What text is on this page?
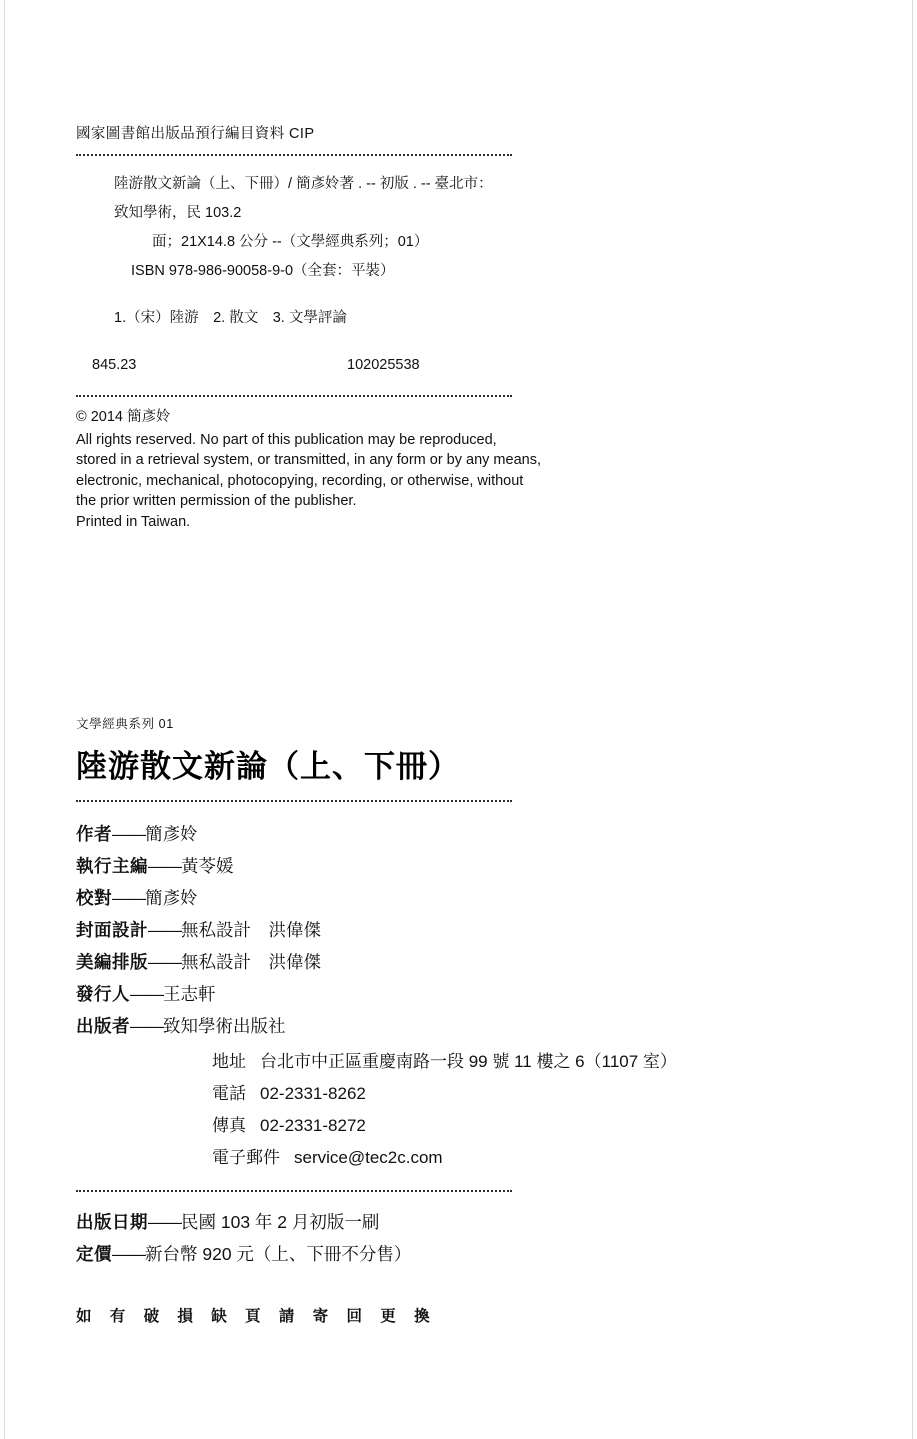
國家圖書館出版品預行編目資料 CIP
陸游散文新論（上、下冊）/ 簡彥姈著 . -- 初版 . -- 臺北市：
致知學術，民 103.2
面；21X14.8 公分 --（文學經典系列；01）
ISBN 978-986-90058-9-0（全套：平裝）
1.（宋）陸游　2. 散文　3. 文學評論
845.23	102025538
© 2014 簡彥姈
All rights reserved. No part of this publication may be reproduced,
stored in a retrieval system, or transmitted, in any form or by any means,
electronic, mechanical, photocopying, recording, or otherwise, without
the prior written permission of the publisher.
Printed in Taiwan.
文學經典系列 01
陸游散文新論（上、下冊）
作者——簡彥姈
執行主編——黃苓媛
校對——簡彥姈
封面設計——無私設計　洪偉傑
美編排版——無私設計　洪偉傑
發行人——王志軒
出版者——致知學術出版社
地址 台北市中正區重慶南路一段 99 號 11 樓之 6（1107 室）
電話 02-2331-8262
傳真 02-2331-8272
電子郵件 service@tec2c.com
出版日期——民國 103 年 2 月初版一刷
定價——新台幣 920 元（上、下冊不分售）
如 有 破 損 缺 頁 請 寄 回 更 換
